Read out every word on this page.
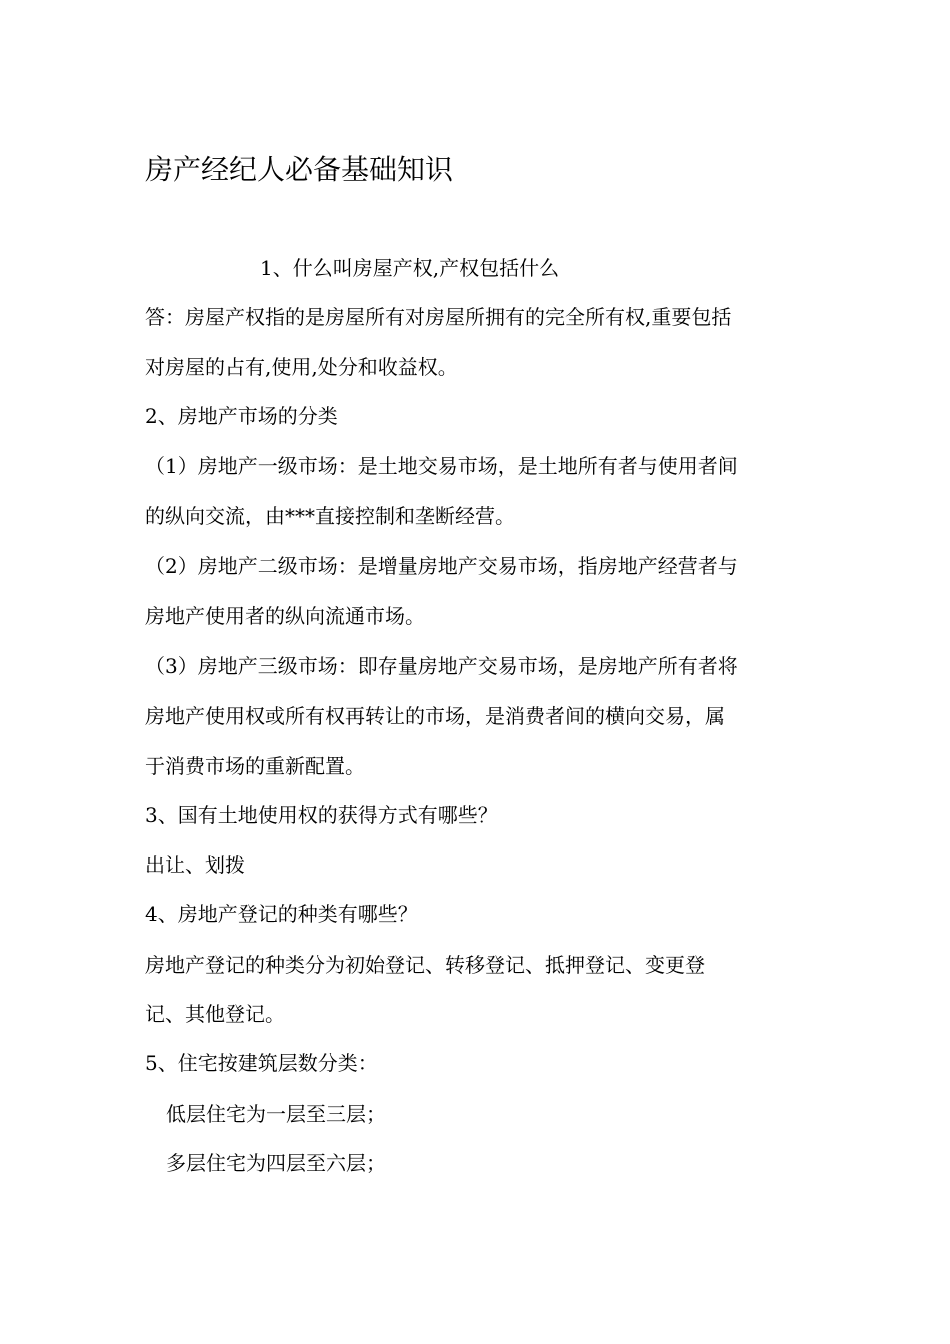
房产经纪人必备基础知识
1、什么叫房屋产权,产权包括什么
答：房屋产权指的是房屋所有对房屋所拥有的完全所有权,重要包括
对房屋的占有,使用,处分和收益权。
2、房地产市场的分类
（1）房地产一级市场：是土地交易市场，是土地所有者与使用者间
的纵向交流，由***直接控制和垄断经营。
（2）房地产二级市场：是增量房地产交易市场，指房地产经营者与
房地产使用者的纵向流通市场。
（3）房地产三级市场：即存量房地产交易市场，是房地产所有者将
房地产使用权或所有权再转让的市场，是消费者间的横向交易，属
于消费市场的重新配置。
3、国有土地使用权的获得方式有哪些？
出让、划拨
4、房地产登记的种类有哪些？
房地产登记的种类分为初始登记、转移登记、抵押登记、变更登
记、其他登记。
5、住宅按建筑层数分类：
低层住宅为一层至三层；
多层住宅为四层至六层；
